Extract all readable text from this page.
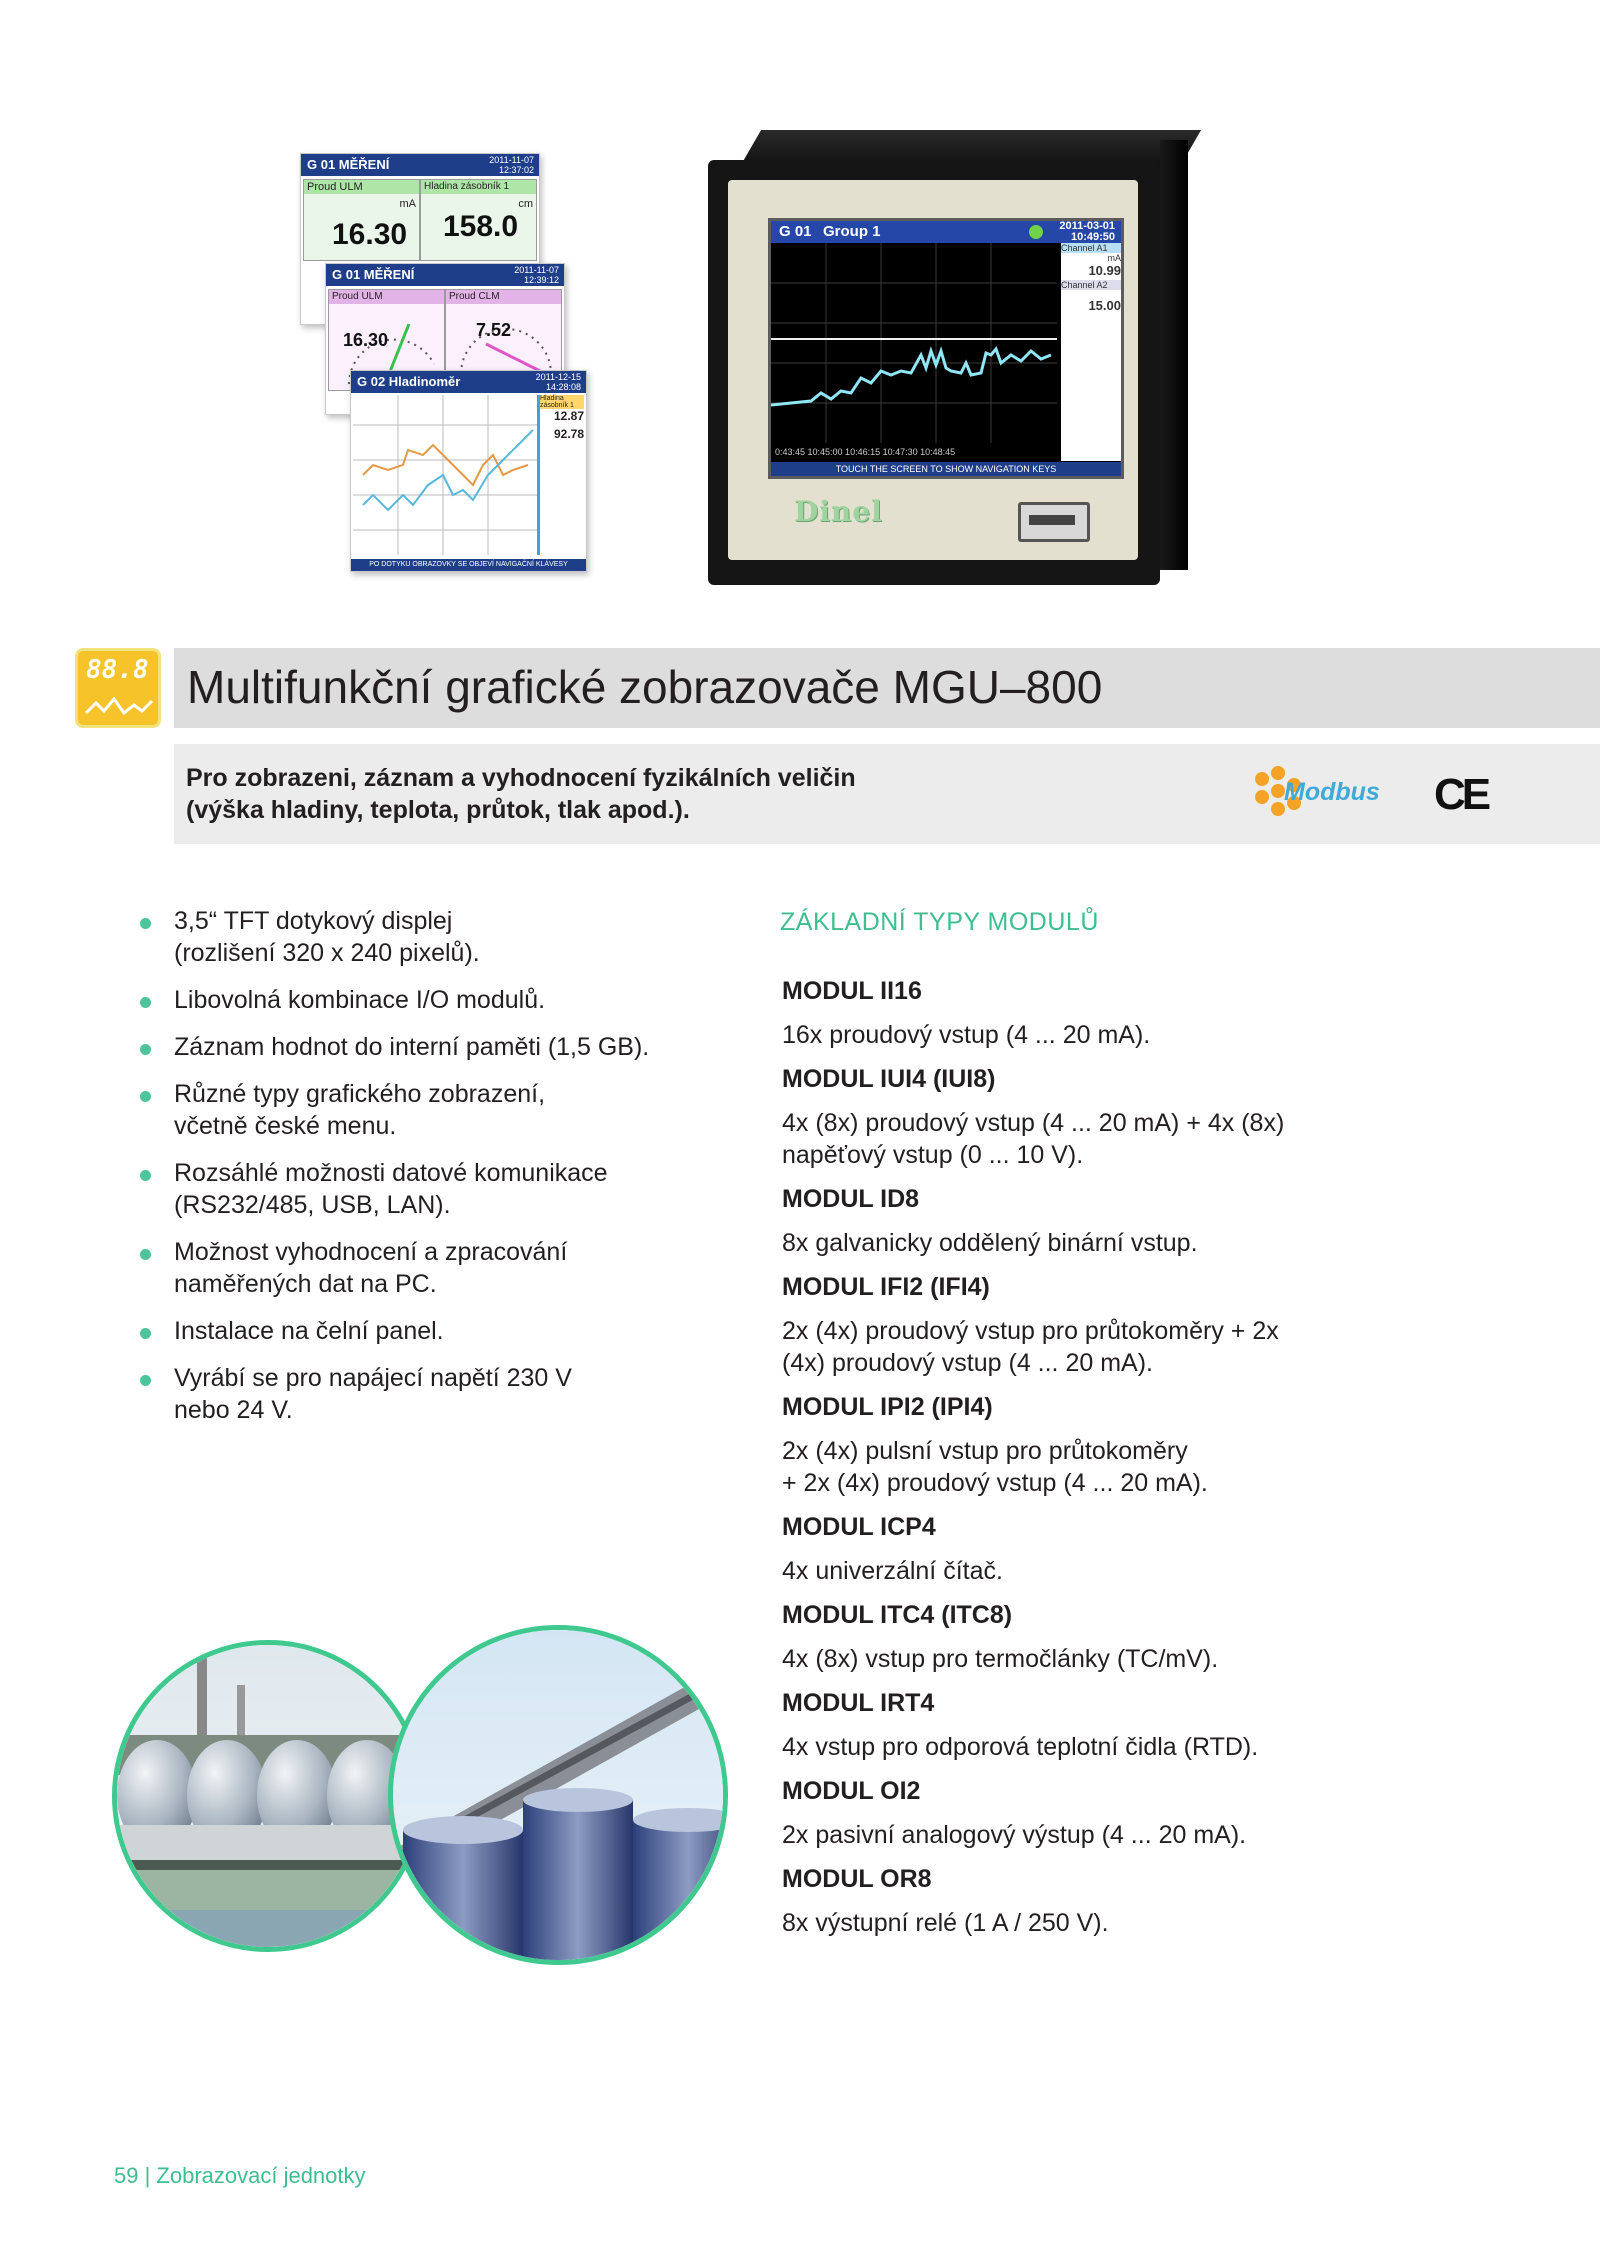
G 01 MĚŘENÍ	2011-11-07
12:37:02
Proud ULM
mA
16.30
Hladina zásobník 1
cm
158.0
G 01 MĚŘENÍ	2011-11-07
12:39:12
Proud ULM
16.30
Proud CLM
7.52
G 02 Hladinoměr	2011-12-15
14:28:08
Hladina zásobník 1
12.87
92.78
PO DOTYKU OBRAZOVKY SE OBJEVÍ NAVIGAČNÍ KLÁVESY
G 01 Group 1	2011-03-01
10:49:50
0:43:45 10:45:00 10:46:15 10:47:30 10:48:45
Channel A1
mA
10.99
Channel A2
15.00
TOUCH THE SCREEN TO SHOW NAVIGATION KEYS
Dinel
88.8 Multifunkční grafické zobrazovače MGU–800
Pro zobrazeni, záznam a vyhodnocení fyzikálních veličin
(výška hladiny, teplota, průtok, tlak apod.).
Modbus CE
3,5“ TFT dotykový displej
(rozlišení 320 x 240 pixelů).
Libovolná kombinace I/O modulů.
Záznam hodnot do interní paměti (1,5 GB).
Různé typy grafického zobrazení,
včetně české menu.
Rozsáhlé možnosti datové komunikace
(RS232/485, USB, LAN).
Možnost vyhodnocení a zpracování
naměřených dat na PC.
Instalace na čelní panel.
Vyrábí se pro napájecí napětí 230 V
nebo 24 V.
ZÁKLADNÍ TYPY MODULŮ
MODUL II16
16x proudový vstup (4 ... 20 mA).
MODUL IUI4 (IUI8)
4x (8x) proudový vstup (4 ... 20 mA) + 4x (8x)
napěťový vstup (0 ... 10 V).
MODUL ID8
8x galvanicky oddělený binární vstup.
MODUL IFI2 (IFI4)
2x (4x) proudový vstup pro průtokoměry + 2x
(4x) proudový vstup (4 ... 20 mA).
MODUL IPI2 (IPI4)
2x (4x) pulsní vstup pro průtokoměry
+ 2x (4x) proudový vstup (4 ... 20 mA).
MODUL ICP4
4x univerzální čítač.
MODUL ITC4 (ITC8)
4x (8x) vstup pro termočlánky (TC/mV).
MODUL IRT4
4x vstup pro odporová teplotní čidla (RTD).
MODUL OI2
2x pasivní analogový výstup (4 ... 20 mA).
MODUL OR8
8x výstupní relé (1 A / 250 V).
59 | Zobrazovací jednotky
